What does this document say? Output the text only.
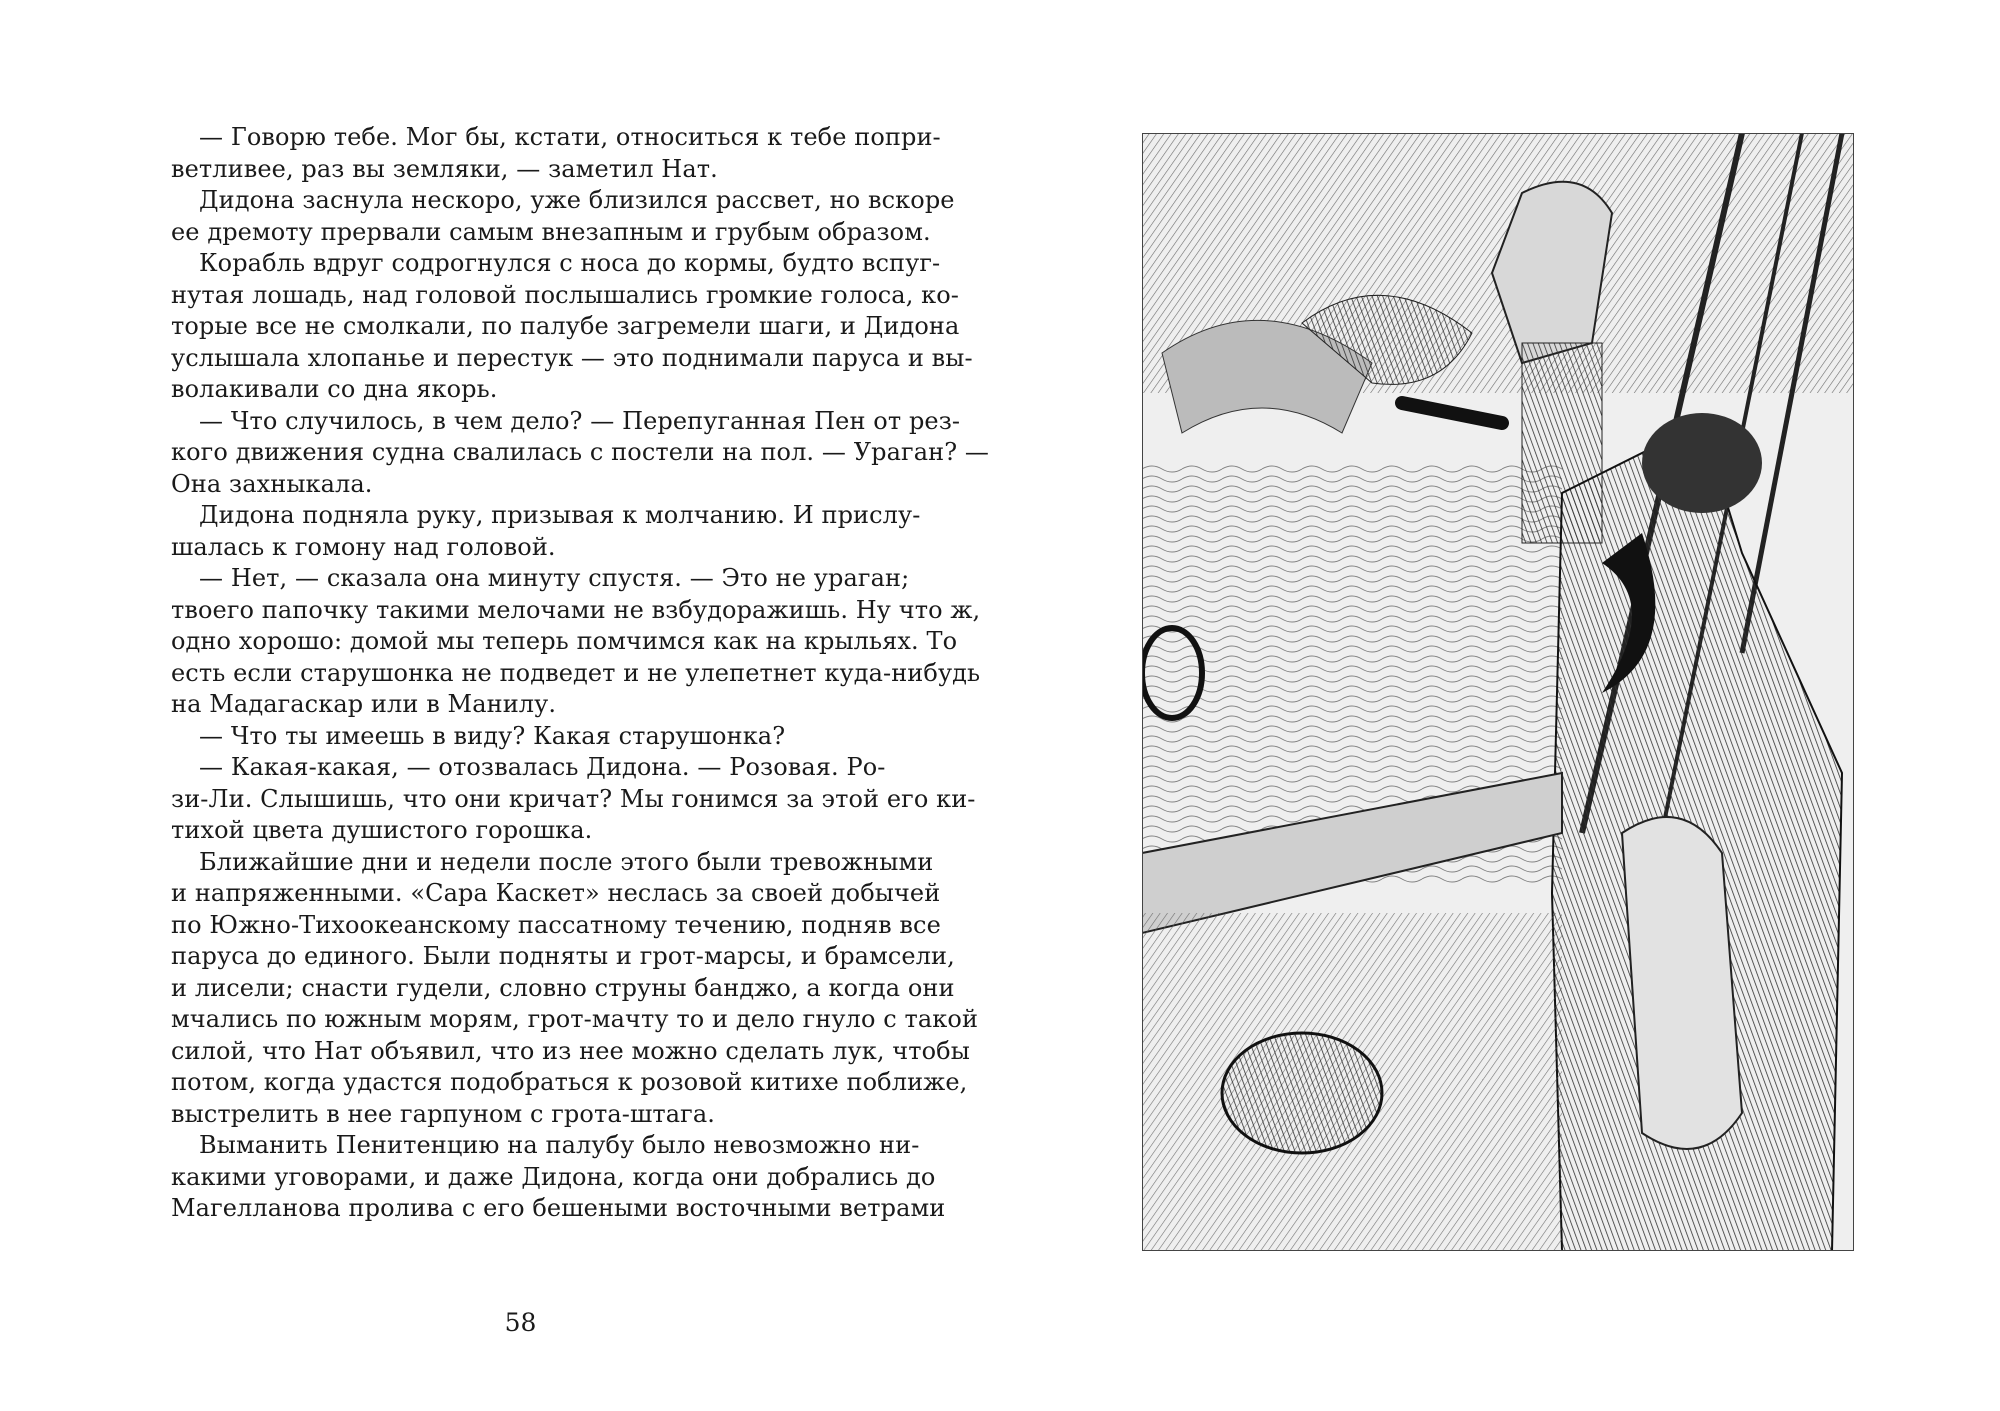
— Говорю тебе. Мог бы, кстати, относиться к тебе попри-
ветливее, раз вы земляки, — заметил Нат.
Дидона заснула нескоро, уже близился рассвет, но вскоре
ее дремоту прервали самым внезапным и грубым образом.
Корабль вдруг содрогнулся с носа до кормы, будто вспуг-
нутая лошадь, над головой послышались громкие голоса, ко-
торые все не смолкали, по палубе загремели шаги, и Дидона
услышала хлопанье и перестук — это поднимали паруса и вы-
волакивали со дна якорь.
— Что случилось, в чем дело? — Перепуганная Пен от рез-
кого движения судна свалилась с постели на пол. — Ураган? —
Она захныкала.
Дидона подняла руку, призывая к молчанию. И прислу-
шалась к гомону над головой.
— Нет, — сказала она минуту спустя. — Это не ураган;
твоего папочку такими мелочами не взбудоражишь. Ну что ж,
одно хорошо: домой мы теперь помчимся как на крыльях. То
есть если старушонка не подведет и не улепетнет куда-нибудь
на Мадагаскар или в Манилу.
— Что ты имеешь в виду? Какая старушонка?
— Какая-какая, — отозвалась Дидона. — Розовая. Ро-
зи-Ли. Слышишь, что они кричат? Мы гонимся за этой его ки-
тихой цвета душистого горошка.
Ближайшие дни и недели после этого были тревожными
и напряженными. «Сара Каскет» неслась за своей добычей
по Южно-Тихоокеанскому пассатному течению, подняв все
паруса до единого. Были подняты и грот-марсы, и брамсели,
и лисели; снасти гудели, словно струны банджо, а когда они
мчались по южным морям, грот-мачту то и дело гнуло с такой
силой, что Нат объявил, что из нее можно сделать лук, чтобы
потом, когда удастся подобраться к розовой китихе поближе,
выстрелить в нее гарпуном с грота-штага.
Выманить Пенитенцию на палубу было невозможно ни-
какими уговорами, и даже Дидона, когда они добрались до
Магелланова пролива с его бешеными восточными ветрами
58
